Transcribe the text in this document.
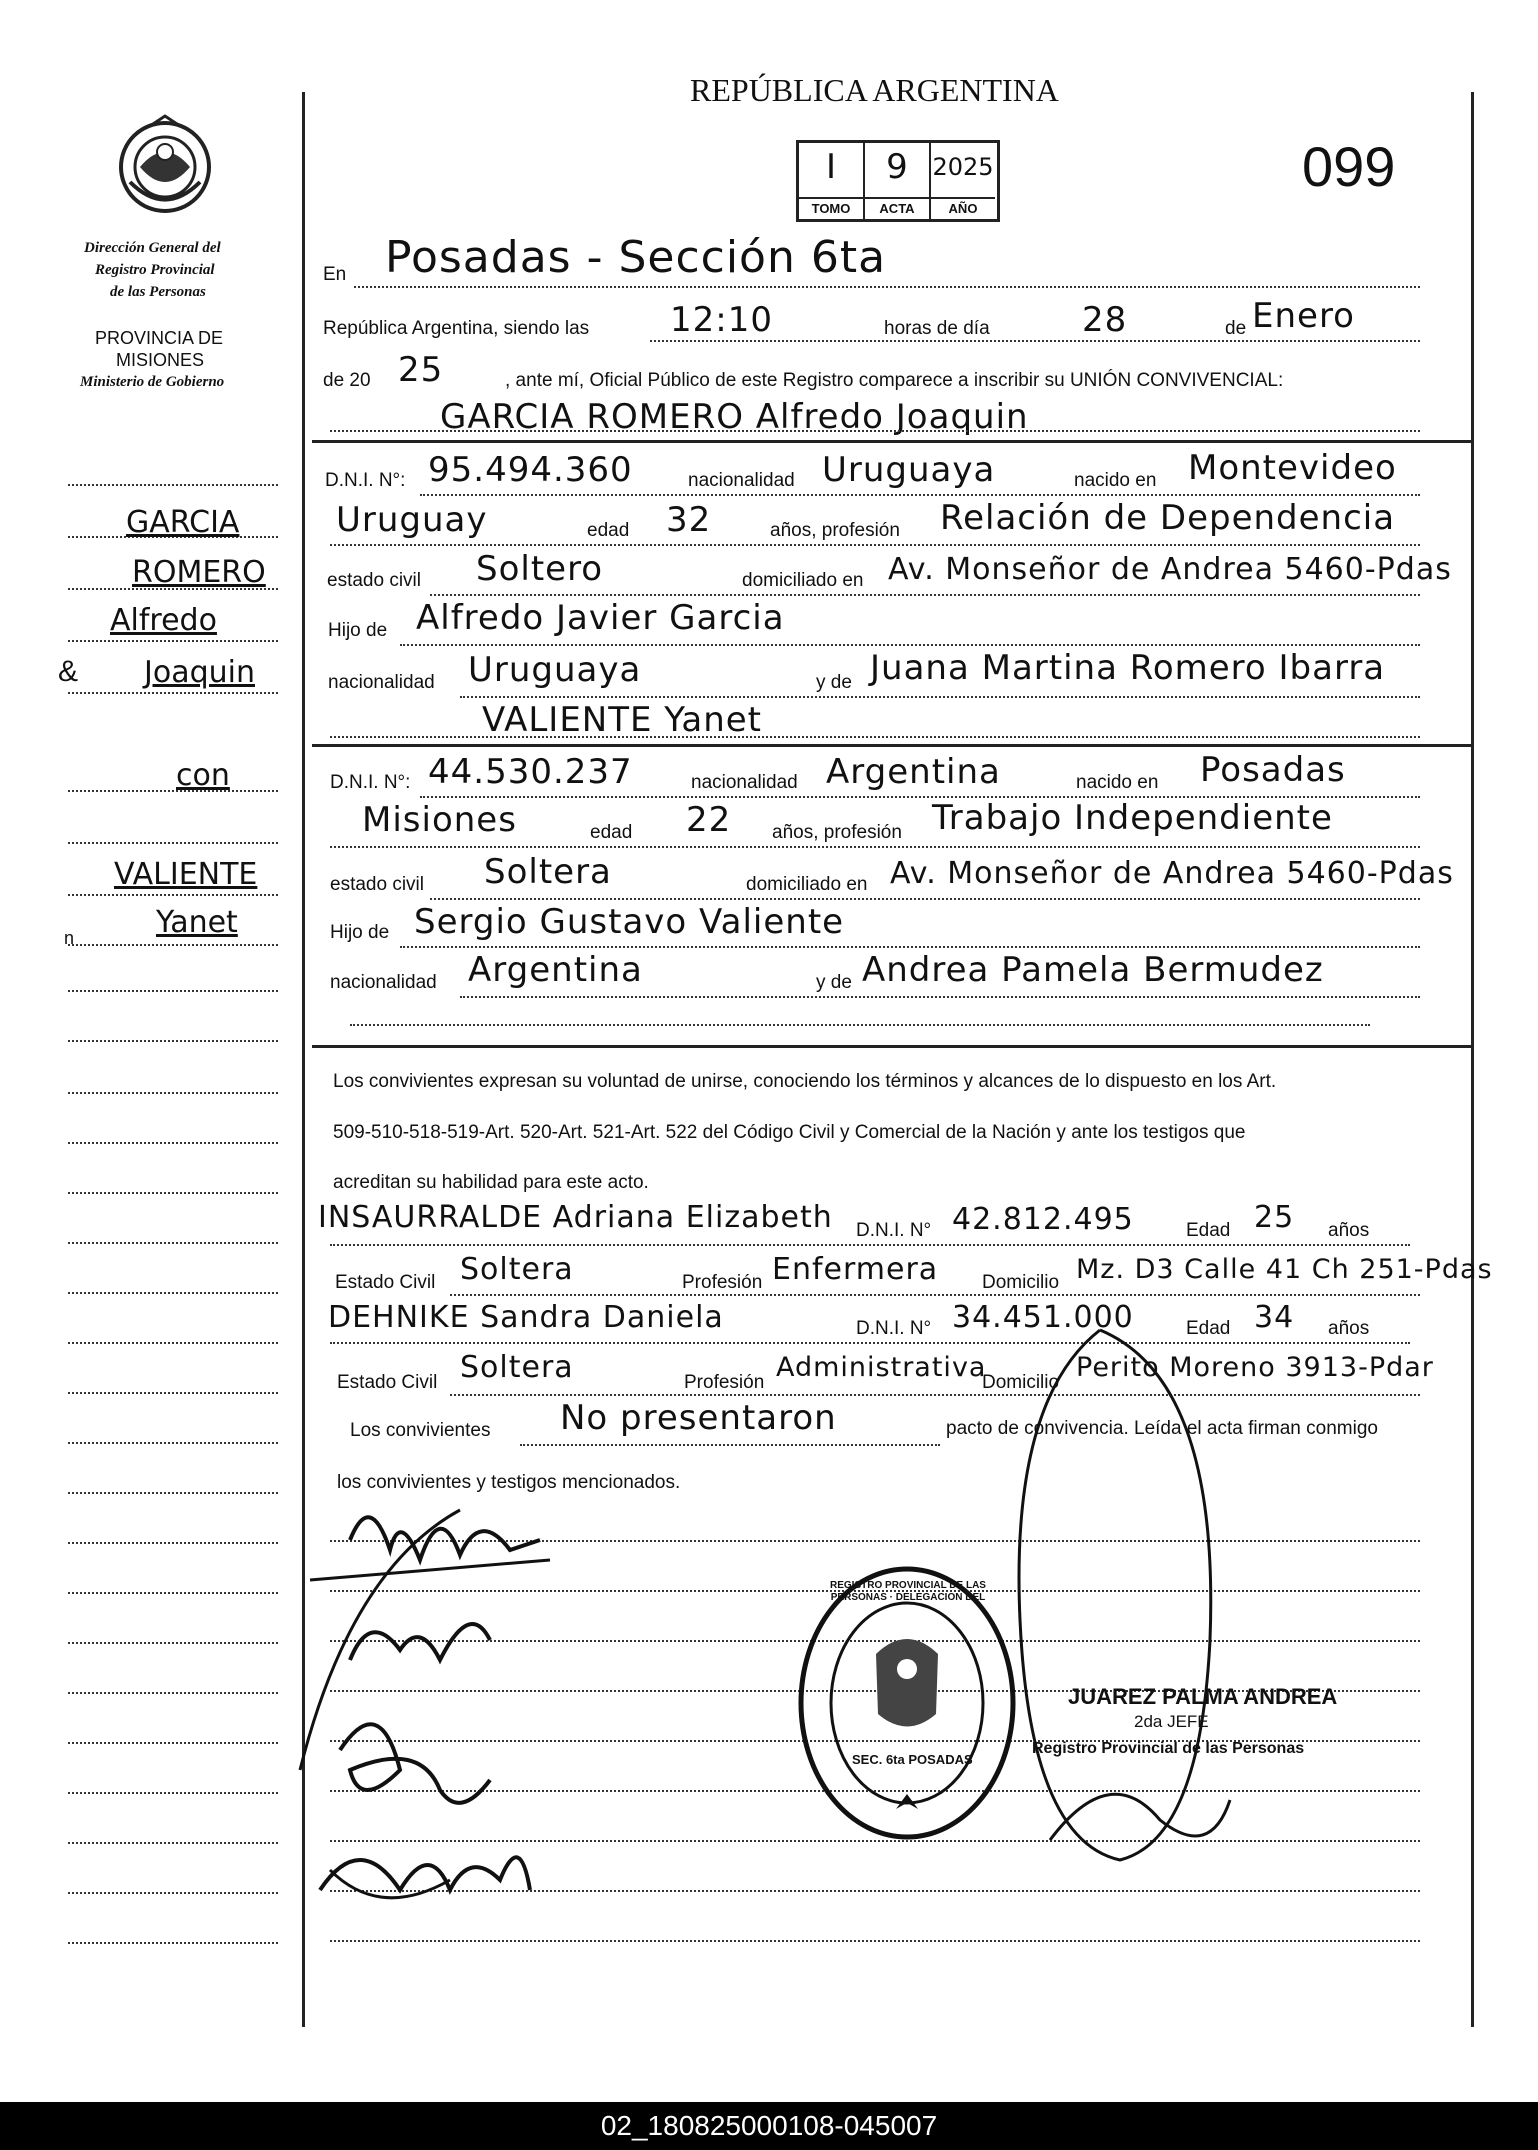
REPÚBLICA ARGENTINA
I
TOMO
9
ACTA
2025
AÑO
099
Dirección General del
Registro Provincial
de las Personas
PROVINCIA DE
MISIONES
Ministerio de Gobierno
GARCIA
ROMERO
Alfredo
Joaquin
&
con
VALIENTE
Yanet
n
En Posadas - Sección 6ta
República Argentina, siendo las 12:10	horas de día	28	de Enero
de 20 25	, ante mí, Oficial Público de este Registro comparece a inscribir su UNIÓN CONVIVENCIAL:
GARCIA ROMERO Alfredo Joaquin
D.N.I. N°: 95.494.360	nacionalidad Uruguaya	nacido en Montevideo
Uruguay	edad 32	años, profesión Relación de Dependencia
estado civil Soltero	domiciliado en Av. Monseñor de Andrea 5460-Pdas
Hijo de Alfredo Javier Garcia
nacionalidad Uruguaya	y de Juana Martina Romero Ibarra
VALIENTE Yanet
D.N.I. N°: 44.530.237	nacionalidad Argentina	nacido en Posadas
Misiones	edad 22 años, profesión Trabajo Independiente
estado civil Soltera	domiciliado en Av. Monseñor de Andrea 5460-Pdas
Hijo de Sergio Gustavo Valiente
nacionalidad Argentina	y de Andrea Pamela Bermudez
Los convivientes expresan su voluntad de unirse, conociendo los términos y alcances de lo dispuesto en los Art.
509-510-518-519-Art. 520-Art. 521-Art. 522 del Código Civil y Comercial de la Nación y ante los testigos que
acreditan su habilidad para este acto.
INSAURRALDE Adriana Elizabeth D.N.I. N° 42.812.495	Edad 25 años
Estado Civil Soltera	Profesión Enfermera Domicilio Mz. D3 Calle 41 Ch 251-Pdas
DEHNIKE Sandra Daniela	D.N.I. N° 34.451.000	Edad 34 años
Estado Civil Soltera	Profesión Administrativa
Domicilio Perito Moreno 3913-Pdar
Los convivientes No presentaron	pacto de convivencia. Leída el acta firman conmigo
los convivientes y testigos mencionados.
REGISTRO PROVINCIAL DE LAS PERSONAS · DELEGACION DEL
SEC. 6ta POSADAS
JUAREZ PALMA ANDREA
2da JEFE
Registro Provincial de las Personas
02_180825000108-045007
